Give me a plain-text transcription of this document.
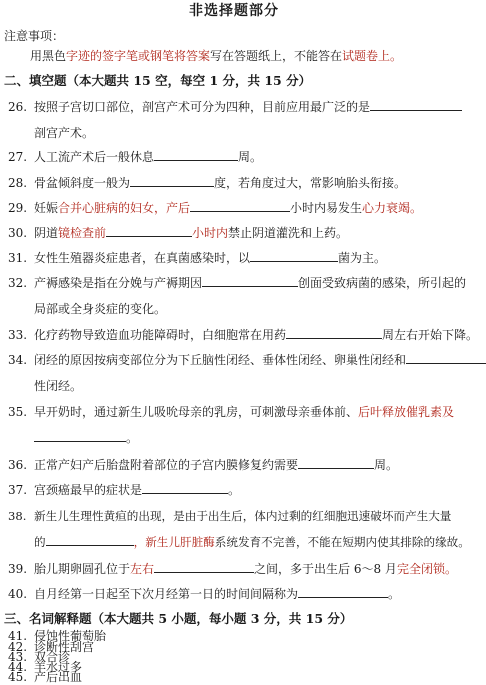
非选择题部分
注意事项：
用黑色字迹的签字笔或钢笔将答案写在答题纸上，不能答在试题卷上。
二、填空题（本大题共 15 空，每空 1 分，共 15 分）
26. 按照子宫切口部位，剖宫产术可分为四种，目前应用最广泛的是
剖宫产术。
27. 人工流产术后一般休息	周。
28. 骨盆倾斜度一般为	度，若角度过大，常影响胎头衔接。
29. 妊娠合并心脏病的妇女，产后	小时内易发生心力衰竭。
30. 阴道镜检查前	小时内禁止阴道灌洗和上药。
31. 女性生殖器炎症患者，在真菌感染时，以	菌为主。
32. 产褥感染是指在分娩与产褥期因	创面受致病菌的感染，所引起的
局部或全身炎症的变化。
33. 化疗药物导致造血功能障碍时，白细胞常在用药	周左右开始下降。
34. 闭经的原因按病变部位分为下丘脑性闭经、垂体性闭经、卵巢性闭经和
性闭经。
35. 早开奶时，通过新生儿吸吮母亲的乳房，可刺激母亲垂体前、后叶释放催乳素及
。
36. 正常产妇产后胎盘附着部位的子宫内膜修复约需要	周。
37. 宫颈癌最早的症状是	。
38. 新生儿生理性黄疸的出现，是由于出生后，体内过剩的红细胞迅速破坏而产生大量
的	，新生儿肝脏酶系统发育不完善，不能在短期内使其排除的缘故。
39. 胎儿期卵圆孔位于左右	之间，多于出生后 6～8 月完全闭锁。
40. 自月经第一日起至下次月经第一日的时间间隔称为	。
三、名词解释题（本大题共 5 小题，每小题 3 分，共 15 分）
41. 侵蚀性葡萄胎
42. 诊断性刮宫
43. 双合诊
44. 羊水过多
45. 产后出血
